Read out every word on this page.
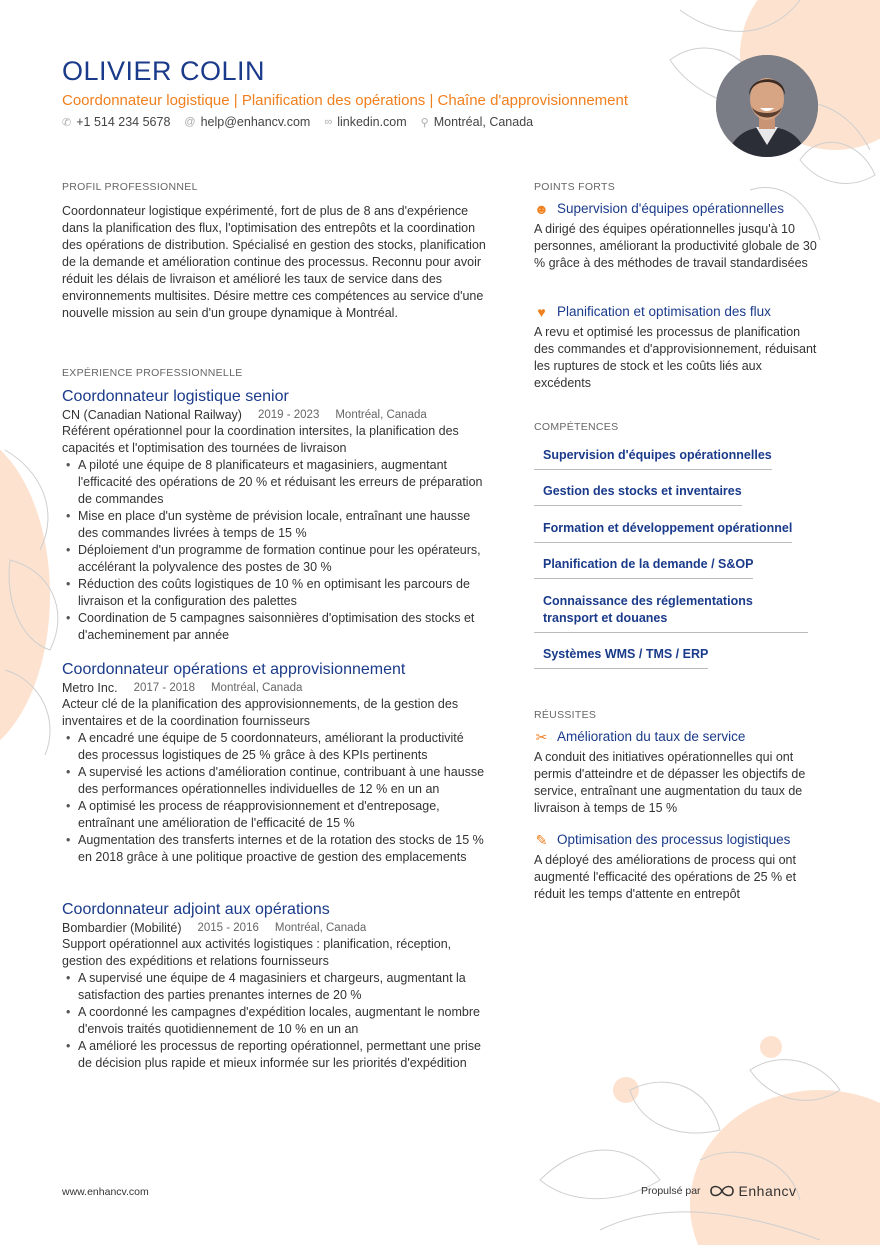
OLIVIER COLIN
Coordonnateur logistique | Planification des opérations | Chaîne d'approvisionnement
✆ +1 514 234 5678 @ help@enhancv.com ∞ linkedin.com ⚲ Montréal, Canada
PROFIL PROFESSIONNEL
Coordonnateur logistique expérimenté, fort de plus de 8 ans d'expérience dans la planification des flux, l'optimisation des entrepôts et la coordination des opérations de distribution. Spécialisé en gestion des stocks, planification de la demande et amélioration continue des processus. Reconnu pour avoir réduit les délais de livraison et amélioré les taux de service dans des environnements multisites. Désire mettre ces compétences au service d'une nouvelle mission au sein d'un groupe dynamique à Montréal.
EXPÉRIENCE PROFESSIONNELLE
Coordonnateur logistique senior
CN (Canadian National Railway) 2019 - 2023 Montréal, Canada
Référent opérationnel pour la coordination intersites, la planification des capacités et l'optimisation des tournées de livraison
• A piloté une équipe de 8 planificateurs et magasiniers, augmentant l'efficacité des opérations de 20 % et réduisant les erreurs de préparation de commandes
• Mise en place d'un système de prévision locale, entraînant une hausse des commandes livrées à temps de 15 %
• Déploiement d'un programme de formation continue pour les opérateurs, accélérant la polyvalence des postes de 30 %
• Réduction des coûts logistiques de 10 % en optimisant les parcours de livraison et la configuration des palettes
• Coordination de 5 campagnes saisonnières d'optimisation des stocks et d'acheminement par année
Coordonnateur opérations et approvisionnement
Metro Inc. 2017 - 2018 Montréal, Canada
Acteur clé de la planification des approvisionnements, de la gestion des inventaires et de la coordination fournisseurs
• A encadré une équipe de 5 coordonnateurs, améliorant la productivité des processus logistiques de 25 % grâce à des KPIs pertinents
• A supervisé les actions d'amélioration continue, contribuant à une hausse des performances opérationnelles individuelles de 12 % en un an
• A optimisé les process de réapprovisionnement et d'entreposage, entraînant une amélioration de l'efficacité de 15 %
• Augmentation des transferts internes et de la rotation des stocks de 15 % en 2018 grâce à une politique proactive de gestion des emplacements
Coordonnateur adjoint aux opérations
Bombardier (Mobilité) 2015 - 2016 Montréal, Canada
Support opérationnel aux activités logistiques : planification, réception, gestion des expéditions et relations fournisseurs
• A supervisé une équipe de 4 magasiniers et chargeurs, augmentant la satisfaction des parties prenantes internes de 20 %
• A coordonné les campagnes d'expédition locales, augmentant le nombre d'envois traités quotidiennement de 10 % en un an
• A amélioré les processus de reporting opérationnel, permettant une prise de décision plus rapide et mieux informée sur les priorités d'expédition
POINTS FORTS
☻ Supervision d'équipes opérationnelles
A dirigé des équipes opérationnelles jusqu'à 10 personnes, améliorant la productivité globale de 30 % grâce à des méthodes de travail standardisées
♥ Planification et optimisation des flux
A revu et optimisé les processus de planification des commandes et d'approvisionnement, réduisant les ruptures de stock et les coûts liés aux excédents
COMPÉTENCES
Supervision d'équipes opérationnelles
Gestion des stocks et inventaires
Formation et développement opérationnel
Planification de la demande / S&OP
Connaissance des réglementations transport et douanes
Systèmes WMS / TMS / ERP
RÉUSSITES
✂ Amélioration du taux de service
A conduit des initiatives opérationnelles qui ont permis d'atteindre et de dépasser les objectifs de service, entraînant une augmentation du taux de livraison à temps de 15 %
✎ Optimisation des processus logistiques
A déployé des améliorations de process qui ont augmenté l'efficacité des opérations de 25 % et réduit les temps d'attente en entrepôt
www.enhancv.com	Propulsé par	Enhancv
